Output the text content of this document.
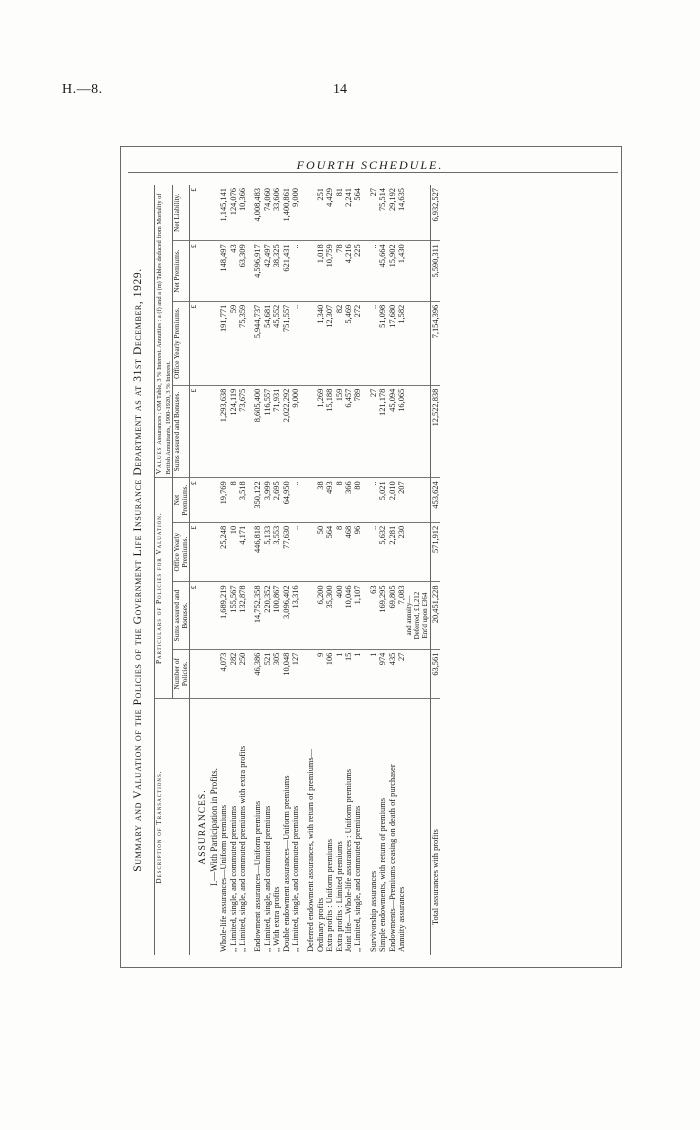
H.—8.	14
FOURTH SCHEDULE.
Summary and Valuation of the Policies of the Government Life Insurance Department as at 31st December, 1929. Description of Transactions.	Particulars of Policies for Valuation.				Values Assurances : OM Table, 3 % Interest. Annuities : a (f) and a (m) Tables deduced from Mortality of British Annuitants, 1900-1920, 3 % Interest.			
	Number of Policies.	Sums assured and Bonuses.	Office Yearly Premiums.	Net Premiums.	Sums assured and Bonuses.	Office Yearly Premiums.	Net Premiums.	Net Liability.
		£	£	£	£	£	£	£
ASSURANCES.								
I.—With Participation in Profits.								
Whole-life assurances—Uniform premiums	4,073	1,689,219	25,248	19,769	1,293,638	191,771	148,497	1,145,141
,, Limited, single, and commuted premiums	282	155,567	10	8	124,119	59	43	124,076
,, Limited, single, and commuted premiums with extra profits	250	132,878	4,171	3,518	73,675	75,359	63,309	10,366

Endowment assurances—Uniform premiums	46,386	14,752,358	446,818	350,122	8,605,400	5,944,737	4,596,917	4,008,483
,, Limited, single, and commuted premiums	521	220,352	5,133	3,999	116,557	54,681	42,497	74,060
,, With extra profits	305	100,867	3,553	2,695	71,931	45,552	38,325	33,606
Double endowment assurances—Uniform premiums	10,048	3,096,402	77,630	64,950	2,022,292	751,557	621,431	1,400,861
,, Limited, single, and commuted premiums	127	13,316	..	..	9,000	..	..	9,000

Deferred endowment assurances, with return of premiums—								
Ordinary profits	9	6,200	50	38	1,269	1,340	1,018	251
Extra profits : Uniform premiums	106	35,300	564	493	15,188	12,307	10,759	4,429
Extra profits : Limited premiums	1	400	8	8	159	82	78	81
Joint life—Whole-life assurances : Uniform premiums	15	10,046	468	366	6,457	5,469	4,216	2,241
,, Limited, single, and commuted premiums	1	1,107	96	80	789	272	225	564

Survivorship assurances	1	63	..	..	27	..	..	27
Simple endowments, with return of premiums	974	169,295	5,632	5,021	121,178	51,098	45,664	75,514
Endowments—Premiums ceasing on death of purchaser	435	69,805	2,281	2,010	45,094	17,680	15,902	29,192
Annuity assurances	27	7,083	230	207	16,065	1,582	1,430	14,635

		and annuity— Deferred, £1,212 Ent'd upon £364						

Total assurances with profits	63,561	20,451,228	571,912	453,624	12,522,838	7,154,396	5,590,311	6,932,527
